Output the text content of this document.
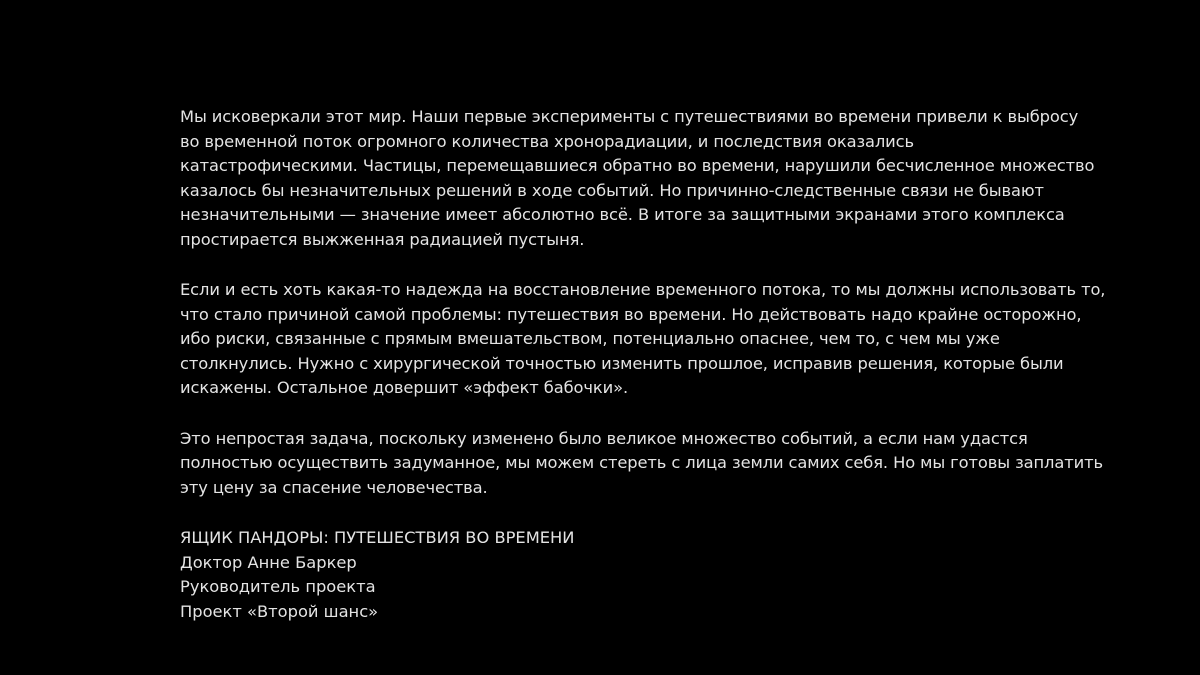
Мы исковеркали этот мир. Наши первые эксперименты с путешествиями во времени привели к выбросу
во временной поток огромного количества хронорадиации, и последствия оказались
катастрофическими. Частицы, перемещавшиеся обратно во времени, нарушили бесчисленное множество
казалось бы незначительных решений в ходе событий. Но причинно-следственные связи не бывают
незначительными — значение имеет абсолютно всё. В итоге за защитными экранами этого комплекса
простирается выжженная радиацией пустыня.

Если и есть хоть какая-то надежда на восстановление временного потока, то мы должны использовать то,
что стало причиной самой проблемы: путешествия во времени. Но действовать надо крайне осторожно,
ибо риски, связанные с прямым вмешательством, потенциально опаснее, чем то, с чем мы уже
столкнулись. Нужно с хирургической точностью изменить прошлое, исправив решения, которые были
искажены. Остальное довершит «эффект бабочки».

Это непростая задача, поскольку изменено было великое множество событий, а если нам удастся
полностью осуществить задуманное, мы можем стереть с лица земли самих себя. Но мы готовы заплатить
эту цену за спасение человечества.

ЯЩИК ПАНДОРЫ: ПУТЕШЕСТВИЯ ВО ВРЕМЕНИ
Доктор Анне Баркер
Руководитель проекта
Проект «Второй шанс»
